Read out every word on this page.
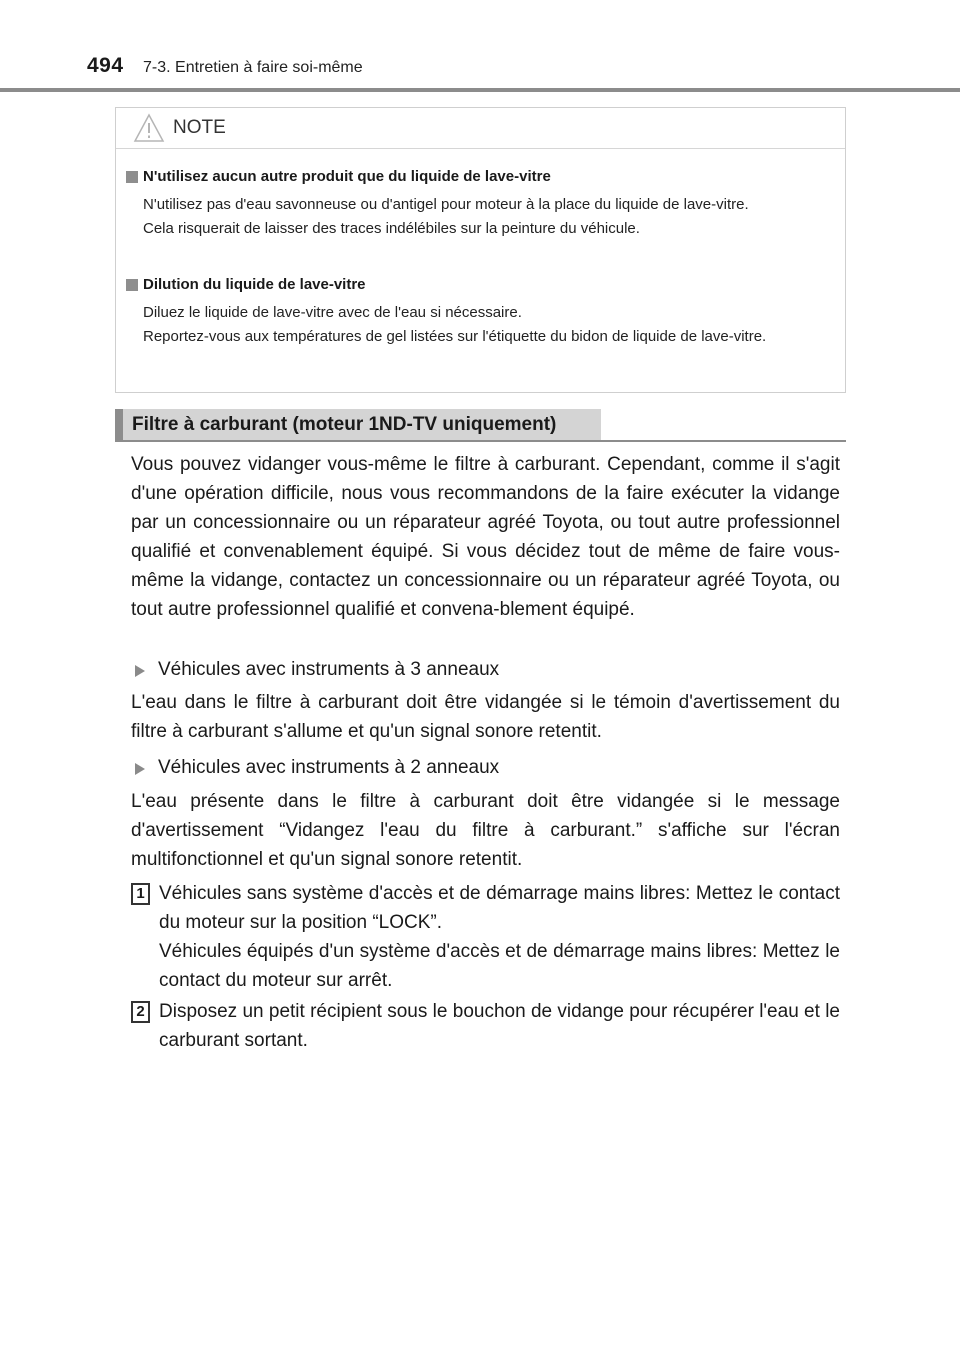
494 7-3. Entretien à faire soi-même
NOTE
N'utilisez aucun autre produit que du liquide de lave-vitre

N'utilisez pas d'eau savonneuse ou d'antigel pour moteur à la place du liquide de lave-vitre.

Cela risquerait de laisser des traces indélébiles sur la peinture du véhicule.

Dilution du liquide de lave-vitre

Diluez le liquide de lave-vitre avec de l'eau si nécessaire.

Reportez-vous aux températures de gel listées sur l'étiquette du bidon de liquide de lave-vitre.

Filtre à carburant (moteur 1ND-TV uniquement)

Vous pouvez vidanger vous-même le filtre à carburant. Cependant, comme il s'agit d'une opération difficile, nous vous recommandons de la faire exécuter la vidange par un concessionnaire ou un réparateur agréé Toyota, ou tout autre professionnel qualifié et convenablement équipé. Si vous décidez tout de même de faire vous-même la vidange, contactez un concessionnaire ou un réparateur agréé Toyota, ou tout autre professionnel qualifié et convena-blement équipé.

Véhicules avec instruments à 3 anneaux

L'eau dans le filtre à carburant doit être vidangée si le témoin d'avertissement du filtre à carburant s'allume et qu'un signal sonore retentit.

Véhicules avec instruments à 2 anneaux

L'eau présente dans le filtre à carburant doit être vidangée si le message d'avertissement “Vidangez l'eau du filtre à carburant.” s'affiche sur l'écran multifonctionnel et qu'un signal sonore retentit.

1 Véhicules sans système d'accès et de démarrage mains libres: Mettez le contact du moteur sur la position “LOCK”.

Véhicules équipés d'un système d'accès et de démarrage mains libres: Mettez le contact du moteur sur arrêt.

2 Disposez un petit récipient sous le bouchon de vidange pour récupérer l'eau et le carburant sortant.
